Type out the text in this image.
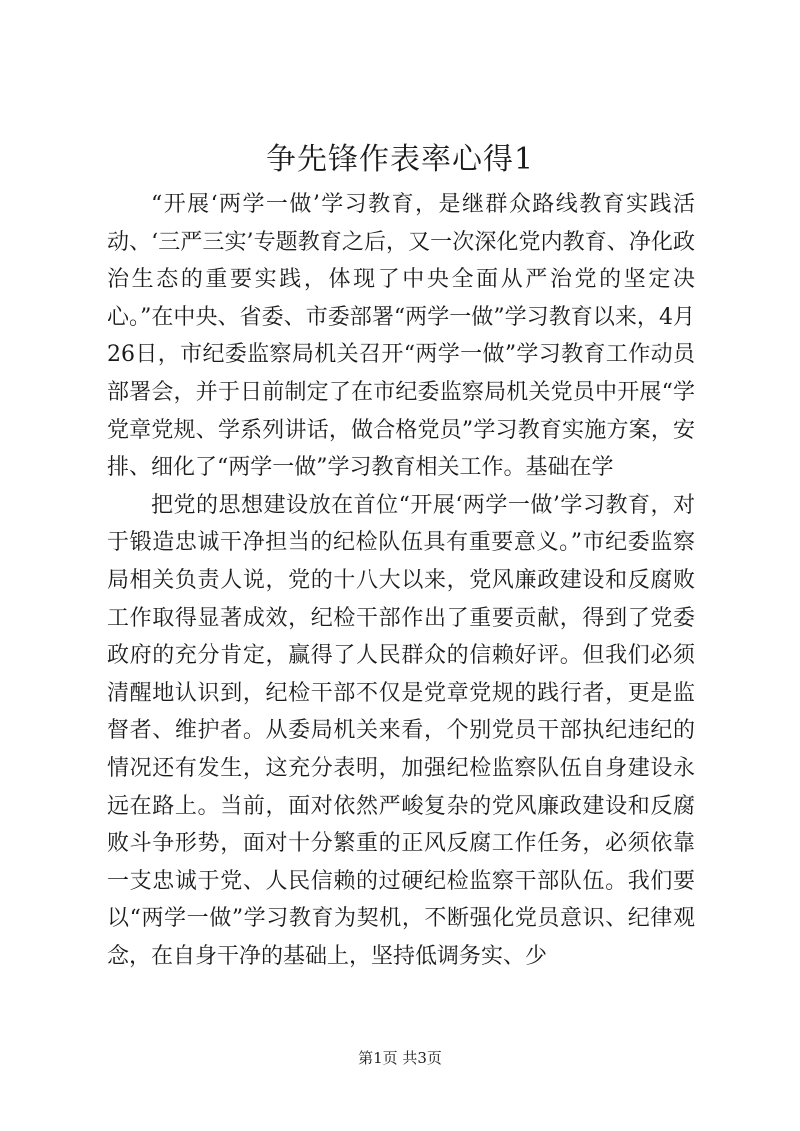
争先锋作表率心得1

“开展‘两学一做’学习教育，是继群众路线教育实践活动、‘三严三实’专题教育之后，又一次深化党内教育、净化政治生态的重要实践，体现了中央全面从严治党的坚定决心。”在中央、省委、市委部署“两学一做”学习教育以来，4月26日，市纪委监察局机关召开“两学一做”学习教育工作动员部署会，并于日前制定了在市纪委监察局机关党员中开展“学党章党规、学系列讲话，做合格党员”学习教育实施方案，安排、细化了“两学一做”学习教育相关工作。基础在学

把党的思想建设放在首位“开展‘两学一做’学习教育，对于锻造忠诚干净担当的纪检队伍具有重要意义。”市纪委监察局相关负责人说，党的十八大以来，党风廉政建设和反腐败工作取得显著成效，纪检干部作出了重要贡献，得到了党委政府的充分肯定，赢得了人民群众的信赖好评。但我们必须清醒地认识到，纪检干部不仅是党章党规的践行者，更是监督者、维护者。从委局机关来看，个别党员干部执纪违纪的情况还有发生，这充分表明，加强纪检监察队伍自身建设永远在路上。当前，面对依然严峻复杂的党风廉政建设和反腐败斗争形势，面对十分繁重的正风反腐工作任务，必须依靠一支忠诚于党、人民信赖的过硬纪检监察干部队伍。我们要以“两学一做”学习教育为契机，不断强化党员意识、纪律观念，在自身干净的基础上，坚持低调务实、少

第1页 共3页
